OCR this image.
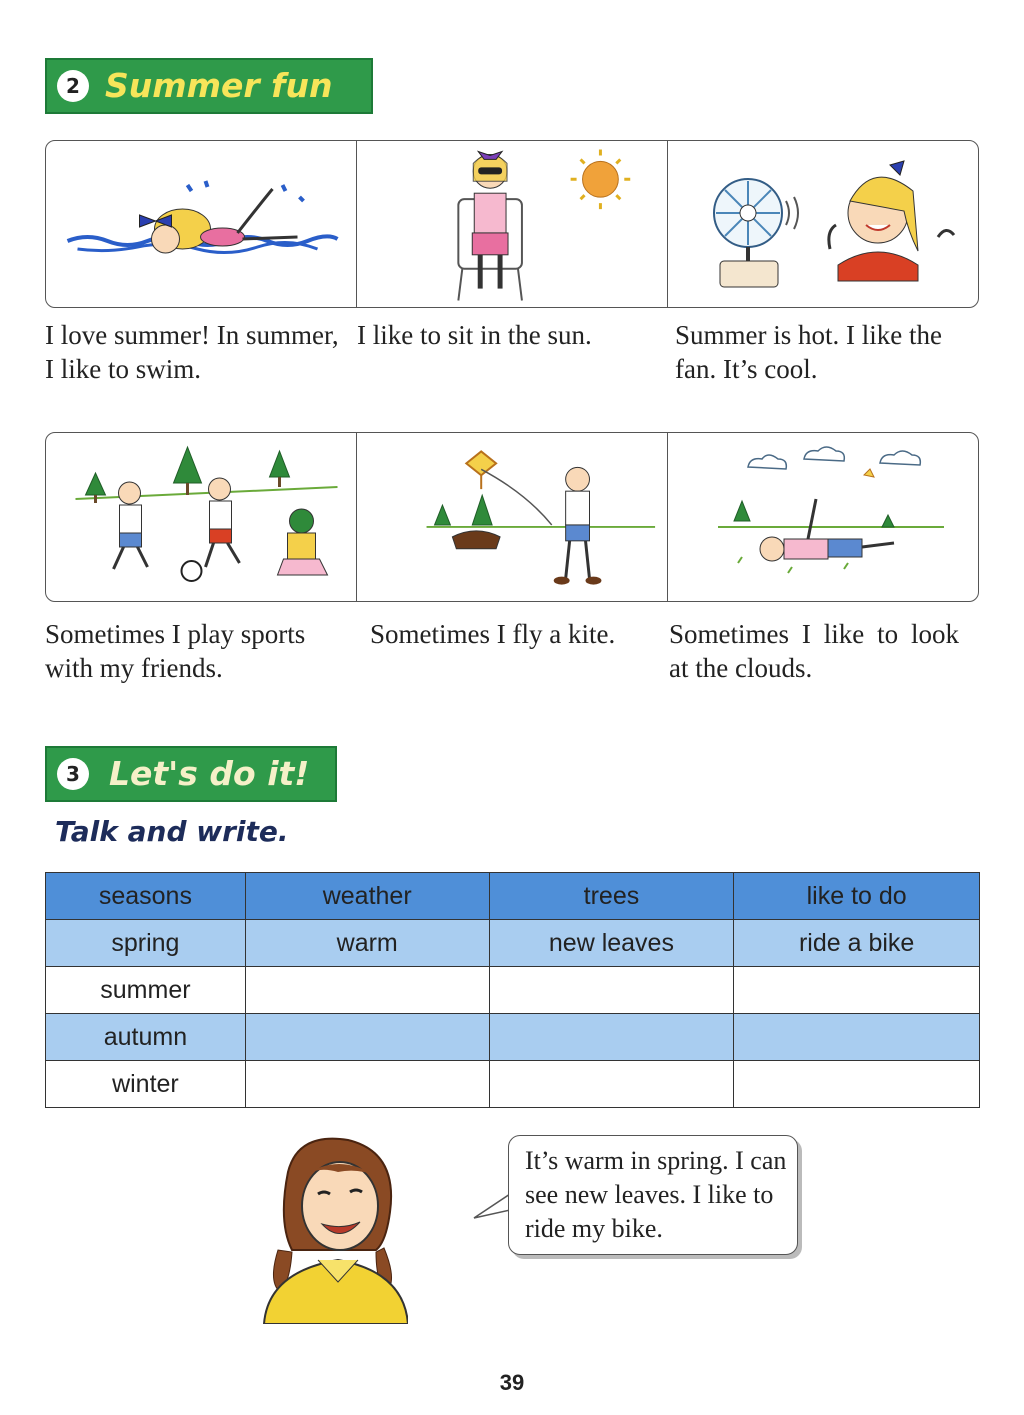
2 Summer fun
I love summer! In summer, I like to swim.
I like to sit in the sun.	Summer is hot. I like the fan. It’s cool.
Sometimes I play sports with my friends.
Sometimes I fly a kite. Sometimes I like to look at the clouds.
3 Let's do it!
Talk and write.
seasons	weather	trees	like to do
spring	warm	new leaves	ride a bike
summer			
autumn			
winter			
It’s warm in spring. I can see new leaves. I like to ride my bike.
39
